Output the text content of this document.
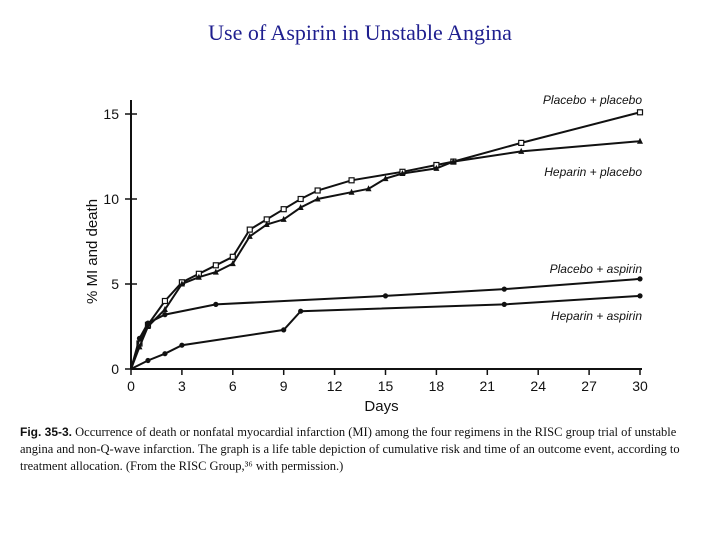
Use of Aspirin in Unstable Angina
0	3	6	9	12	15	18	21	24	27	30
0
5
10
15
Days
% MI and death
Placebo + placebo
Heparin + placebo
Placebo + aspirin
Heparin + aspirin
Fig. 35-3. Occurrence of death or nonfatal myocardial infarction (MI) among the four regimens in the RISC group trial of unstable angina and non-Q-wave infarction. The graph is a life table depiction of cumulative risk and time of an outcome event, according to treatment allocation. (From the RISC Group,³⁶ with permission.)
